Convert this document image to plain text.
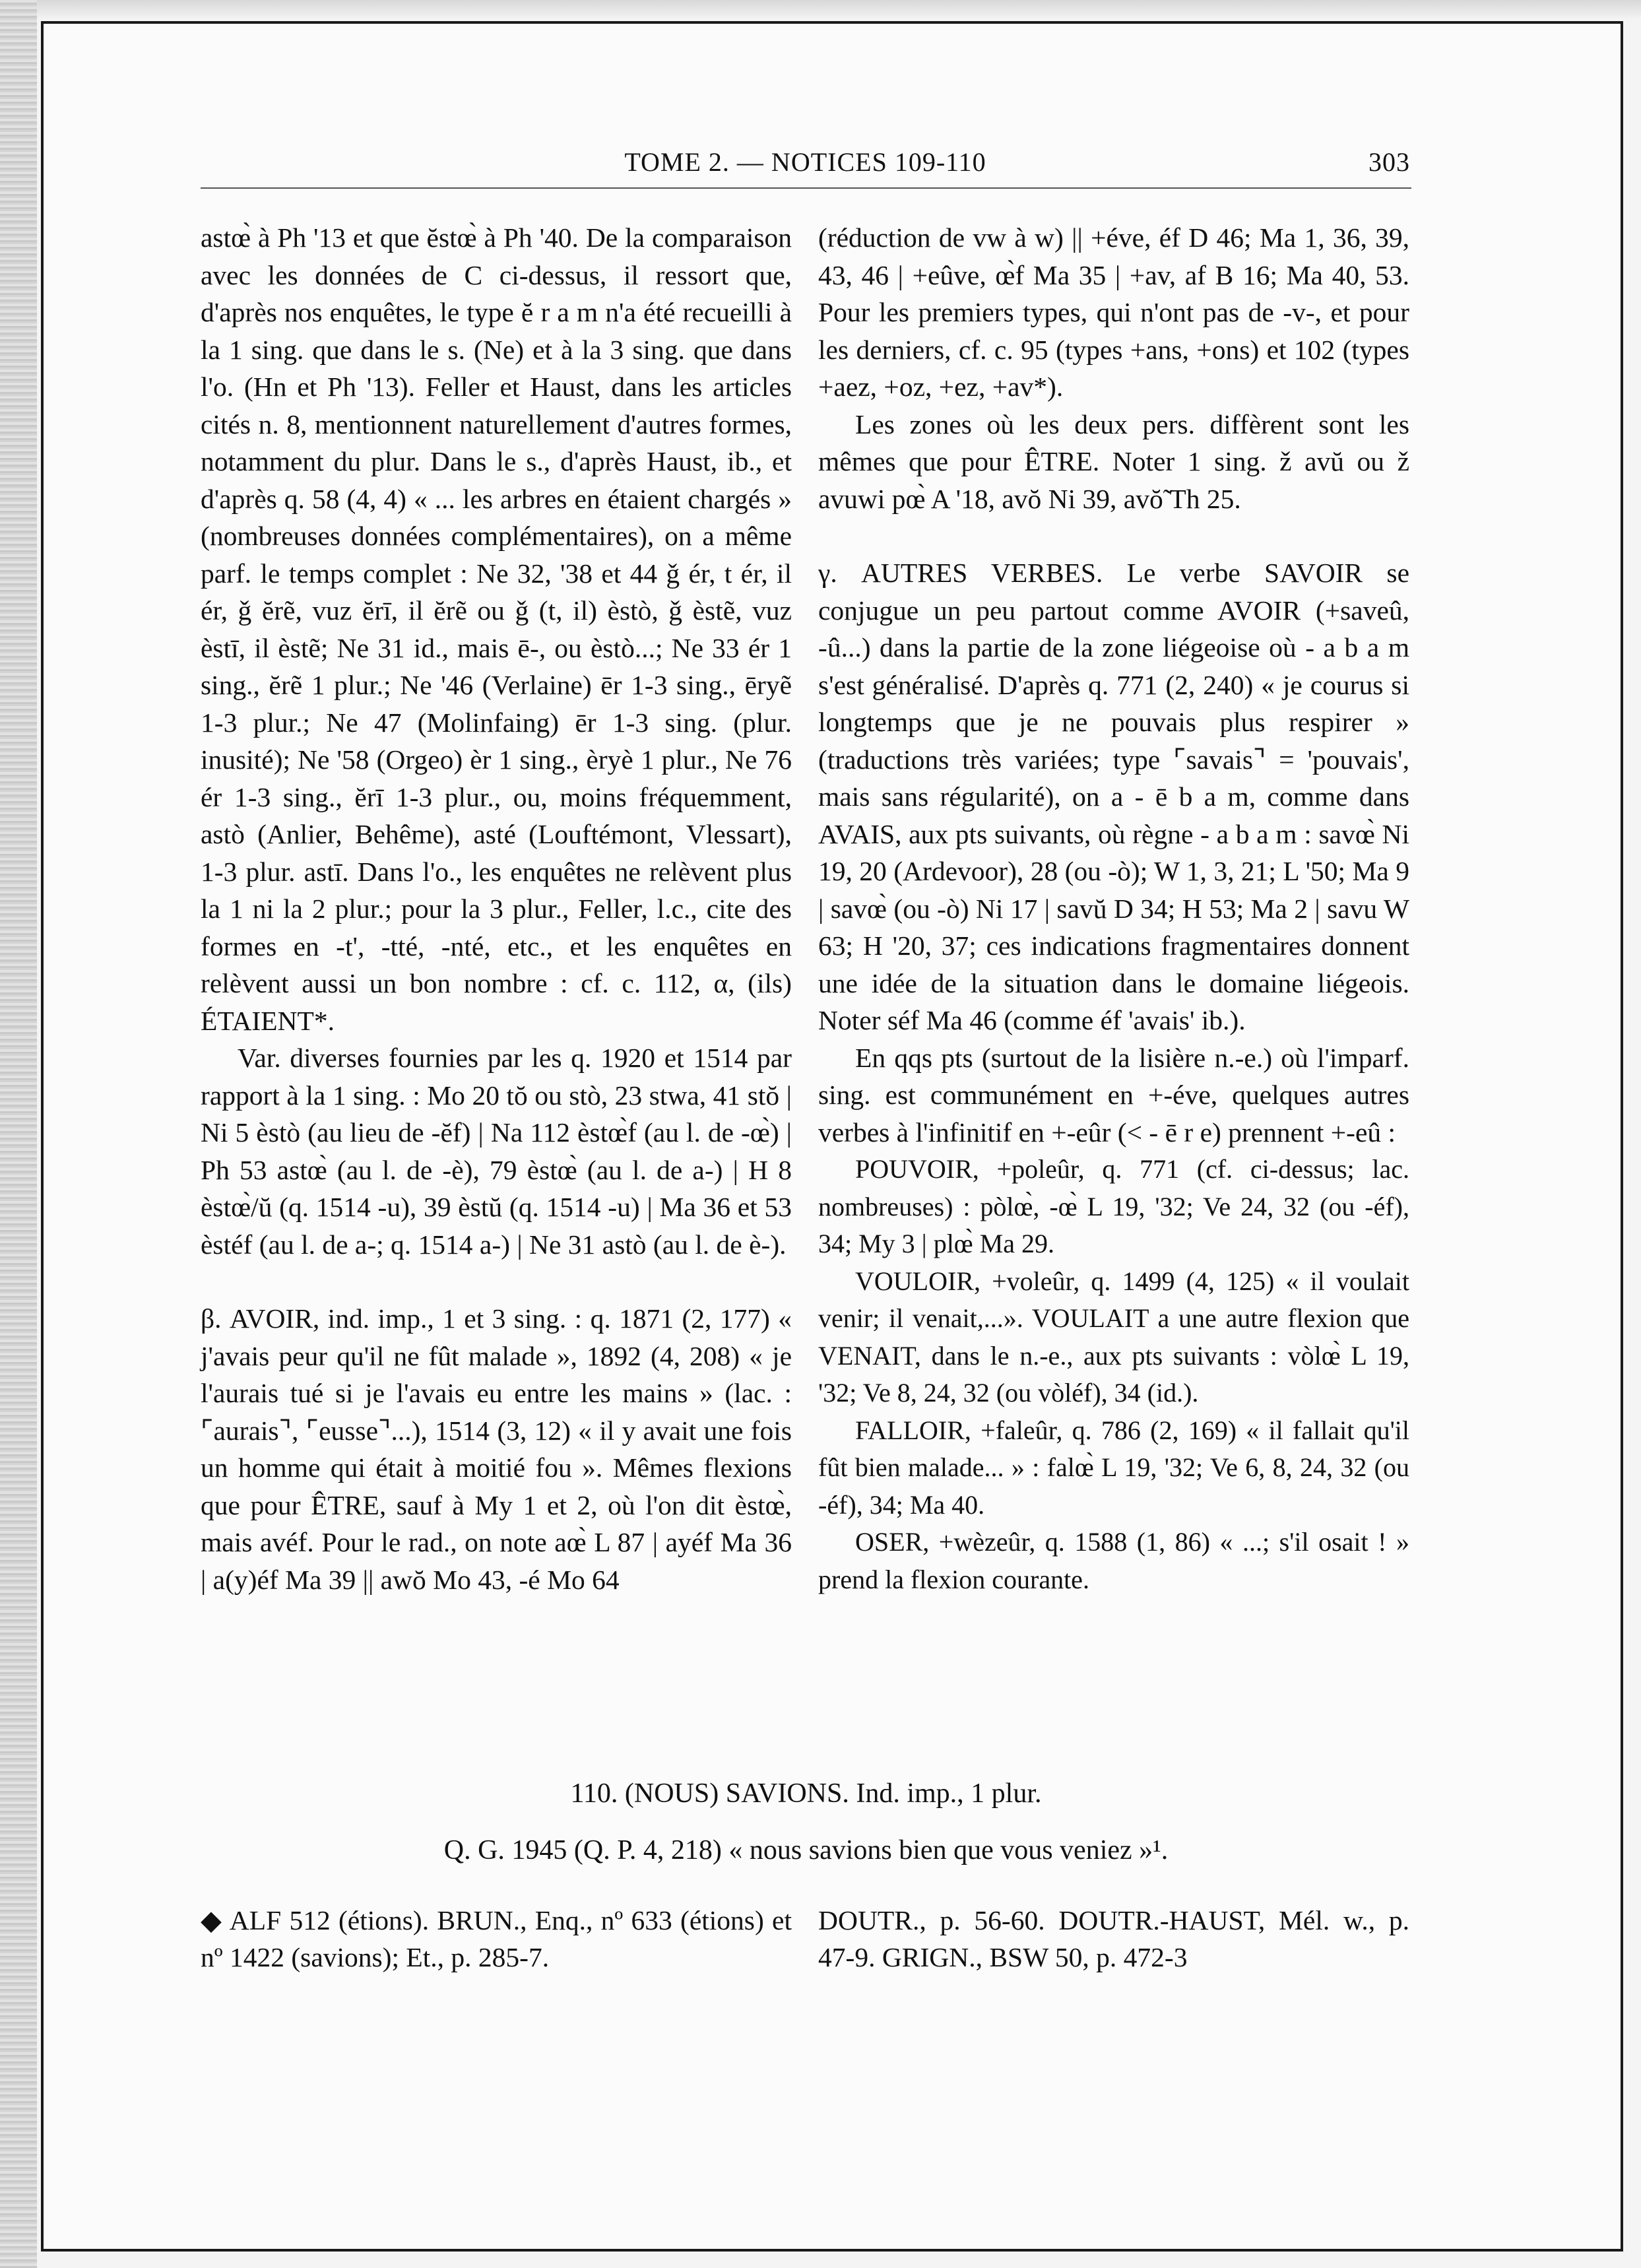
TOME 2. — NOTICES 109-110	303

astœ̀ à Ph '13 et que ĕstœ̀ à Ph '40. De la comparaison avec les données de C ci-dessus, il ressort que, d'après nos enquêtes, le type ĕ r a m n'a été recueilli à la 1 sing. que dans le s. (Ne) et à la 3 sing. que dans l'o. (Hn et Ph '13). Feller et Haust, dans les articles cités n. 8, mentionnent naturellement d'autres formes, notamment du plur. Dans le s., d'après Haust, ib., et d'après q. 58 (4, 4) « ... les arbres en étaient chargés » (nombreuses données complémentaires), on a même parf. le temps complet : Ne 32, '38 et 44 ǧ ér, t ér, il ér, ǧ ĕrẽ, vuz ĕrī, il ĕrẽ ou ǧ (t, il) èstò, ǧ èstẽ, vuz èstī, il èstẽ; Ne 31 id., mais ē-, ou èstò...; Ne 33 ér 1 sing., ĕrẽ 1 plur.; Ne '46 (Verlaine) ēr 1-3 sing., ēryẽ 1-3 plur.; Ne 47 (Molinfaing) ēr 1-3 sing. (plur. inusité); Ne '58 (Orgeo) èr 1 sing., èryè 1 plur., Ne 76 ér 1-3 sing., ĕrī 1-3 plur., ou, moins fréquemment, astò (Anlier, Behême), asté (Louftémont, Vlessart), 1-3 plur. astī. Dans l'o., les enquêtes ne relèvent plus la 1 ni la 2 plur.; pour la 3 plur., Feller, l.c., cite des formes en -t', -tté, -nté, etc., et les enquêtes en relèvent aussi un bon nombre : cf. c. 112, α, (ils) ÉTAIENT*.

Var. diverses fournies par les q. 1920 et 1514 par rapport à la 1 sing. : Mo 20 tŏ ou stò, 23 stwa, 41 stŏ | Ni 5 èstò (au lieu de -ĕf) | Na 112 èstœ̀f (au l. de -œ̀) | Ph 53 astœ̀ (au l. de -è), 79 èstœ̀ (au l. de a-) | H 8 èstœ̀/ŭ (q. 1514 -u), 39 èstŭ (q. 1514 -u) | Ma 36 et 53 èstéf (au l. de a-; q. 1514 a-) | Ne 31 astò (au l. de è-).

β. AVOIR, ind. imp., 1 et 3 sing. : q. 1871 (2, 177) « j'avais peur qu'il ne fût malade », 1892 (4, 208) « je l'aurais tué si je l'avais eu entre les mains » (lac. : ⌜aurais⌝, ⌜eusse⌝...), 1514 (3, 12) « il y avait une fois un homme qui était à moitié fou ». Mêmes flexions que pour ÊTRE, sauf à My 1 et 2, où l'on dit èstœ̀, mais avéf. Pour le rad., on note aœ̀ L 87 | ayéf Ma 36 | a(y)éf Ma 39 || awŏ Mo 43, -é Mo 64

(réduction de vw à w) || +éve, éf D 46; Ma 1, 36, 39, 43, 46 | +eûve, œ̀f Ma 35 | +av, af B 16; Ma 40, 53. Pour les premiers types, qui n'ont pas de -v-, et pour les derniers, cf. c. 95 (types +ans, +ons) et 102 (types +aez, +oz, +ez, +av*).

Les zones où les deux pers. diffèrent sont les mêmes que pour ÊTRE. Noter 1 sing. ž avŭ ou ž avuwi pœ̀ A '18, avŏ Ni 39, avŏ̃ Th 25.

γ. AUTRES VERBES. Le verbe SAVOIR se conjugue un peu partout comme AVOIR (+saveû, -û...) dans la partie de la zone liégeoise où - a b a m s'est généralisé. D'après q. 771 (2, 240) « je courus si longtemps que je ne pouvais plus respirer » (traductions très variées; type ⌜savais⌝ = 'pouvais', mais sans régularité), on a - ē b a m, comme dans AVAIS, aux pts suivants, où règne - a b a m : savœ̀ Ni 19, 20 (Ardevoor), 28 (ou -ò); W 1, 3, 21; L '50; Ma 9 | savœ̀ (ou -ò) Ni 17 | savŭ D 34; H 53; Ma 2 | savu W 63; H '20, 37; ces indications fragmentaires donnent une idée de la situation dans le domaine liégeois. Noter séf Ma 46 (comme éf 'avais' ib.).

En qqs pts (surtout de la lisière n.-e.) où l'imparf. sing. est communément en +-éve, quelques autres verbes à l'infinitif en +-eûr (< - ē r e) prennent +-eû :

POUVOIR, +poleûr, q. 771 (cf. ci-dessus; lac. nombreuses) : pòlœ̀, -œ̀ L 19, '32; Ve 24, 32 (ou -éf), 34; My 3 | plœ̀ Ma 29.

VOULOIR, +voleûr, q. 1499 (4, 125) « il voulait venir; il venait,...». VOULAIT a une autre flexion que VENAIT, dans le n.-e., aux pts suivants : vòlœ̀ L 19, '32; Ve 8, 24, 32 (ou vòléf), 34 (id.).

FALLOIR, +faleûr, q. 786 (2, 169) « il fallait qu'il fût bien malade... » : falœ̀ L 19, '32; Ve 6, 8, 24, 32 (ou -éf), 34; Ma 40.

OSER, +wèzeûr, q. 1588 (1, 86) « ...; s'il osait ! » prend la flexion courante.

110. (NOUS) SAVIONS. Ind. imp., 1 plur.
Q. G. 1945 (Q. P. 4, 218) « nous savions bien que vous veniez »¹.
◆ ALF 512 (étions). BRUN., Enq., nº 633 (étions) et nº 1422 (savions); Et., p. 285-7.
DOUTR., p. 56-60. DOUTR.-HAUST, Mél. w., p. 47-9. GRIGN., BSW 50, p. 472-3
